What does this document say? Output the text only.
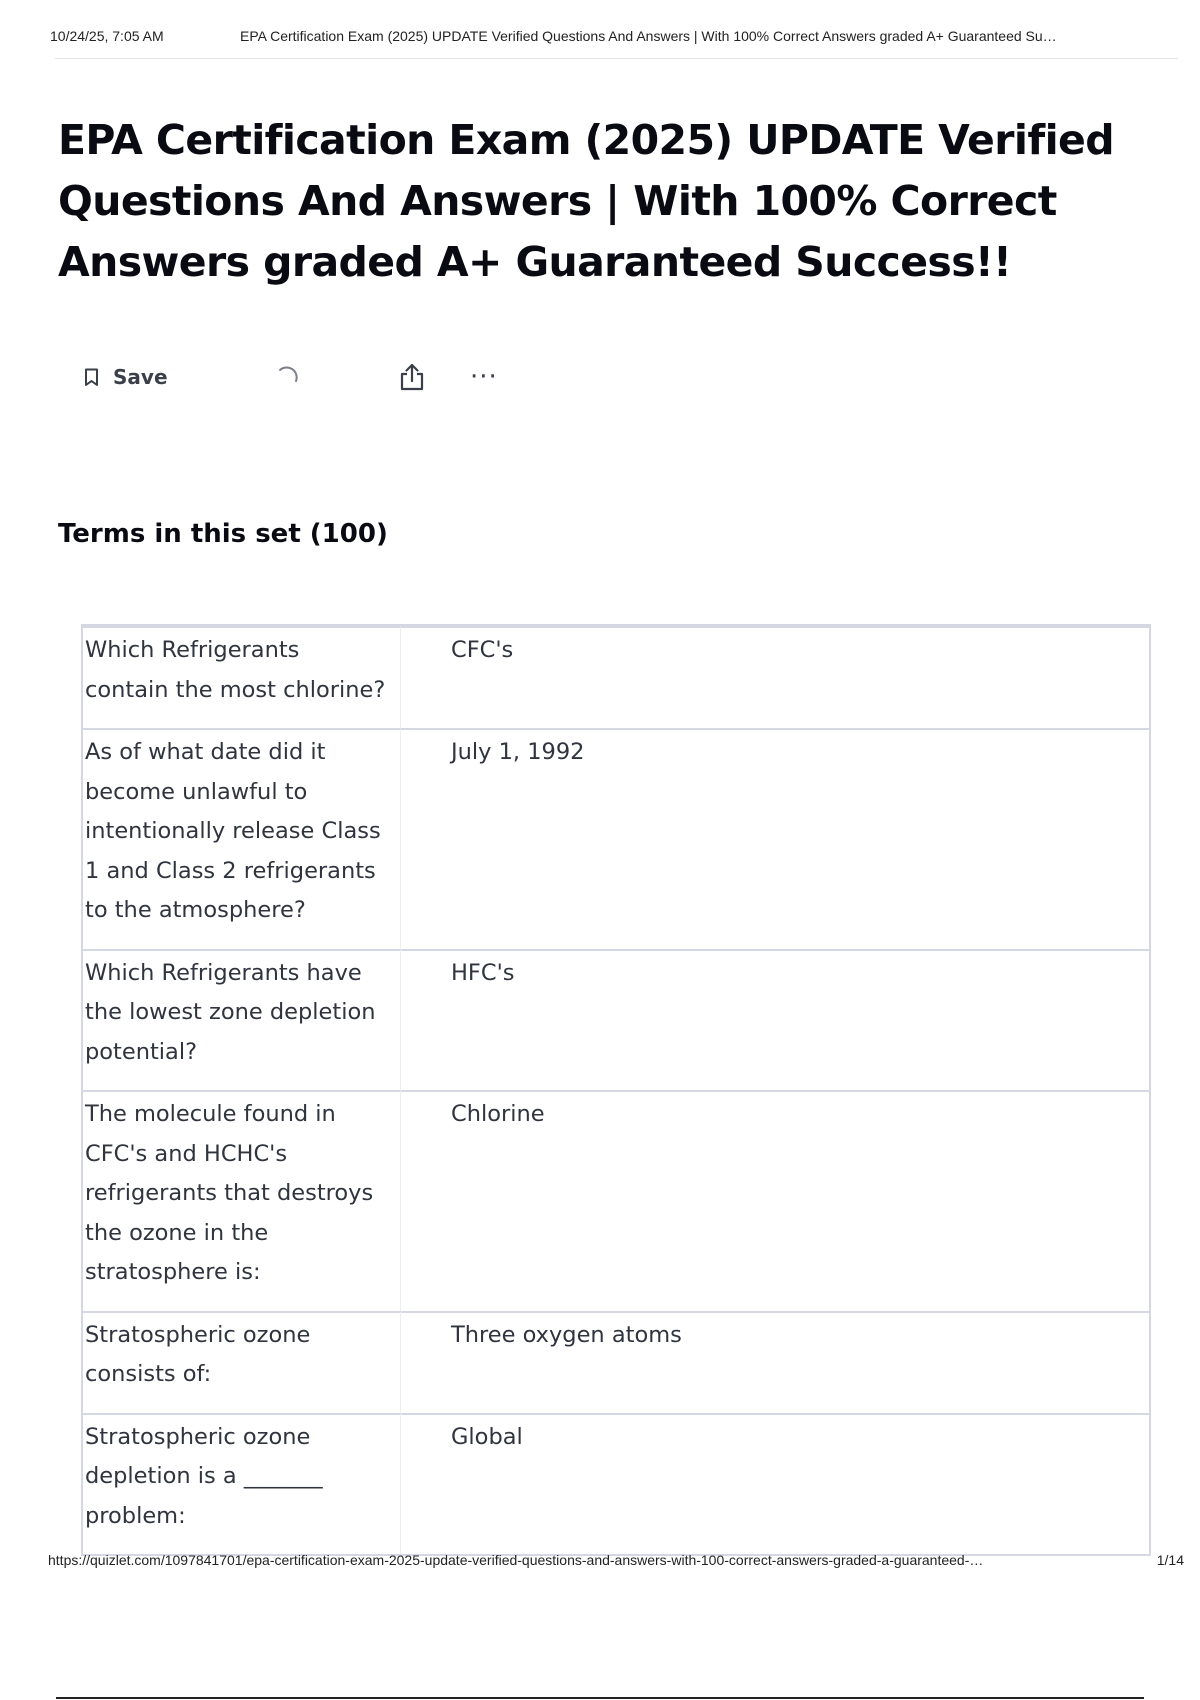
10/24/25, 7:05 AM	EPA Certification Exam (2025) UPDATE Verified Questions And Answers | With 100% Correct Answers graded A+ Guaranteed Su…
EPA Certification Exam (2025) UPDATE Verified Questions And Answers | With 100% Correct Answers graded A+ Guaranteed Success!!
Save	···
Terms in this set (100)
Which Refrigerants contain the most chlorine?	CFC's
As of what date did it become unlawful to intentionally release Class 1 and Class 2 refrigerants to the atmosphere?	July 1, 1992
Which Refrigerants have the lowest zone depletion potential?	HFC's
The molecule found in CFC's and HCHC's refrigerants that destroys the ozone in the stratosphere is:	Chlorine
Stratospheric ozone consists of:	Three oxygen atoms
Stratospheric ozone depletion is a _______ problem:	Global
https://quizlet.com/1097841701/epa-certification-exam-2025-update-verified-questions-and-answers-with-100-correct-answers-graded-a-guaranteed-…	1/14
